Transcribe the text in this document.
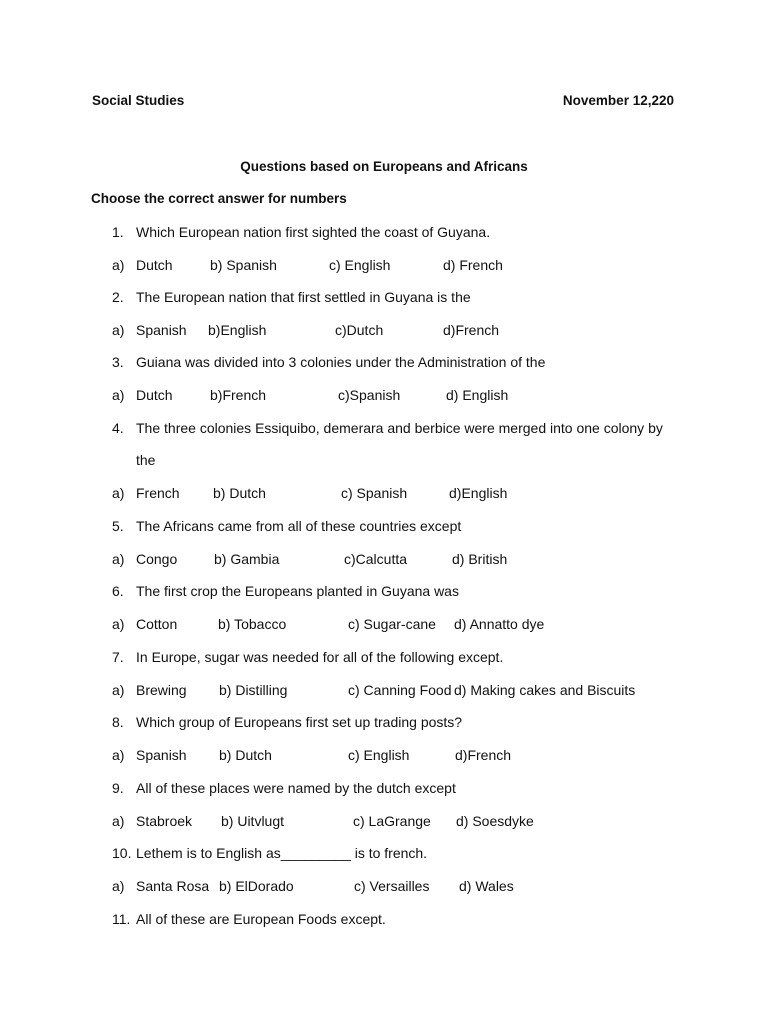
Social Studies	November 12,220
Questions based on Europeans and Africans
Choose the correct answer for numbers
1. Which European nation first sighted the coast of Guyana.
a) Dutch	b) Spanish	c) English	d) French
2. The European nation that first settled in Guyana is the
a) Spanish b)English	c)Dutch	d)French
3. Guiana was divided into 3 colonies under the Administration of the
a) Dutch	b)French	c)Spanish	d) English
4. The three colonies Essiquibo, demerara and berbice were merged into one colony by
the
a) French b) Dutch	c) Spanish	d)English
5. The Africans came from all of these countries except
a) Congo	b) Gambia	c)Calcutta	d) British
6. The first crop the Europeans planted in Guyana was
a) Cotton	b) Tobacco	c) Sugar-cane d) Annatto dye
7. In Europe, sugar was needed for all of the following except.
a) Brewing b) Distilling	c) Canning Food d) Making cakes and Biscuits
8. Which group of Europeans first set up trading posts?
a) Spanish b) Dutch	c) English	d)French
9. All of these places were named by the dutch except
a) Stabroek b) Uitvlugt	c) LaGrange d) Soesdyke
10. Lethem is to English as_________ is to french.
a) Santa Rosa b) ElDorado	c) Versailles d) Wales
11. All of these are European Foods except.
